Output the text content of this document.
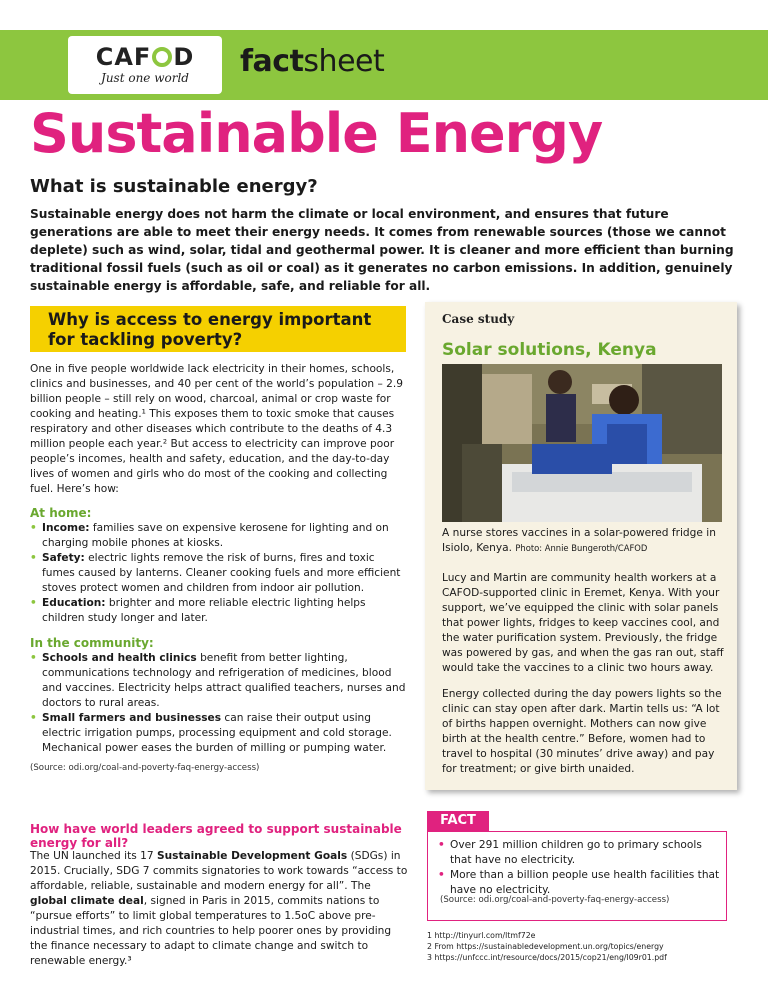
CAF D
Just one world factsheet
Sustainable Energy
What is sustainable energy?

Sustainable energy does not harm the climate or local environment, and ensures that future generations are able to meet their energy needs. It comes from renewable sources (those we cannot deplete) such as wind, solar, tidal and geothermal power. It is cleaner and more efficient than burning traditional fossil fuels (such as oil or coal) as it generates no carbon emissions. In addition, genuinely sustainable energy is affordable, safe, and reliable for all.

Why is access to energy important for tackling poverty?

One in five people worldwide lack electricity in their homes, schools, clinics and businesses, and 40 per cent of the world’s population – 2.9 billion people – still rely on wood, charcoal, animal or crop waste for cooking and heating.¹ This exposes them to toxic smoke that causes respiratory and other diseases which contribute to the deaths of 4.3 million people each year.² But access to electricity can improve poor people’s incomes, health and safety, education, and the day-to-day lives of women and girls who do most of the cooking and collecting fuel. Here’s how:

At home:

• Income: families save on expensive kerosene for lighting and on charging mobile phones at kiosks.
• Safety: electric lights remove the risk of burns, fires and toxic fumes caused by lanterns. Cleaner cooking fuels and more efficient stoves protect women and children from indoor air pollution.
• Education: brighter and more reliable electric lighting helps children study longer and later.

In the community:

• Schools and health clinics benefit from better lighting, communications technology and refrigeration of medicines, blood and vaccines. Electricity helps attract qualified teachers, nurses and doctors to rural areas.
• Small farmers and businesses can raise their output using electric irrigation pumps, processing equipment and cold storage. Mechanical power eases the burden of milling or pumping water.

(Source: odi.org/coal-and-poverty-faq-energy-access)

Case study
Solar solutions, Kenya
A nurse stores vaccines in a solar-powered fridge in Isiolo, Kenya. Photo: Annie Bungeroth/CAFOD

Lucy and Martin are community health workers at a CAFOD-supported clinic in Eremet, Kenya. With your support, we’ve equipped the clinic with solar panels that power lights, fridges to keep vaccines cool, and the water purification system. Previously, the fridge was powered by gas, and when the gas ran out, staff would take the vaccines to a clinic two hours away.

Energy collected during the day powers lights so the clinic can stay open after dark. Martin tells us: “A lot of births happen overnight. Mothers can now give birth at the health centre.” Before, women had to travel to hospital (30 minutes’ drive away) and pay for treatment; or give birth unaided.

How have world leaders agreed to support sustainable energy for all?

The UN launched its 17 Sustainable Development Goals (SDGs) in 2015. Crucially, SDG 7 commits signatories to work towards “access to affordable, reliable, sustainable and modern energy for all”. The global climate deal, signed in Paris in 2015, commits nations to “pursue efforts” to limit global temperatures to 1.5oC above pre-industrial times, and rich countries to help poorer ones by providing the finance necessary to adapt to climate change and switch to renewable energy.³

FACT
• Over 291 million children go to primary schools that have no electricity.
• More than a billion people use health facilities that have no electricity.
(Source: odi.org/coal-and-poverty-faq-energy-access)
1 http://tinyurl.com/ltmf72e
2 From https://sustainabledevelopment.un.org/topics/energy
3 https://unfccc.int/resource/docs/2015/cop21/eng/l09r01.pdf
